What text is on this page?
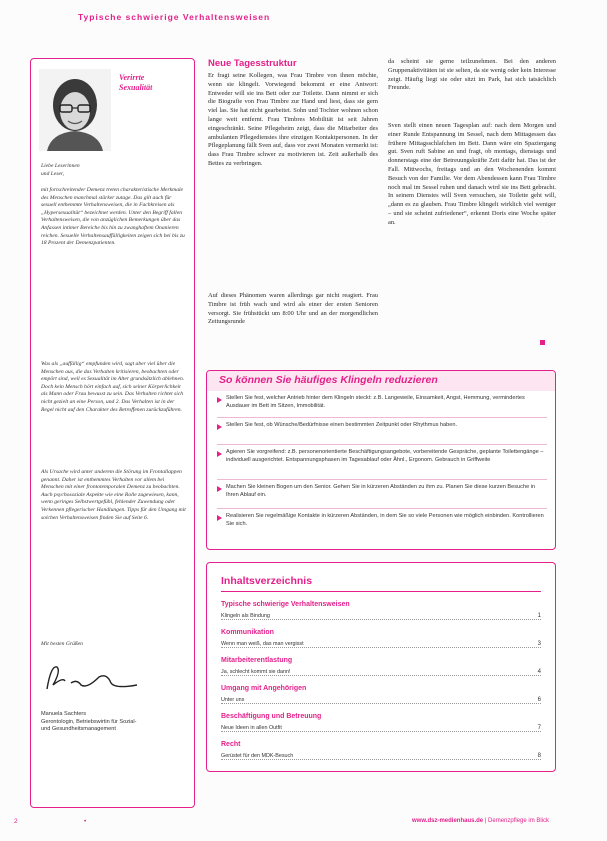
Typische schwierige Verhaltensweisen
Verirrte
Sexualität
Liebe Leserinnen
und Leser,
mit fortschreitender Demenz treten charakteristische Merkmale des Menschen manchmal stärker zutage. Das gilt auch für sexuell enthemmte Verhaltensweisen, die in Fachkreisen als „Hypersexualität“ bezeichnet werden. Unter den Begriff fallen Verhaltensweisen, die von anzüglichen Bemerkungen über das Anfassen intimer Bereiche bis hin zu zwanghaftem Onanieren reichen. Sexuelle Verhaltensauffälligkeiten zeigen sich bei bis zu 18 Prozent der Demenzpatienten.
Was als „auffällig“ empfunden wird, sagt aber viel über die Menschen aus, die das Verhalten kritisieren, beobachten oder empört sind, weil es Sexualität im Alter grundsätzlich ablehnen. Doch kein Mensch hört einfach auf, sich seiner Körperlichkeit als Mann oder Frau bewusst zu sein. Das Verhalten richtet sich nicht gezielt an eine Person, und 2. Das Verhalten ist in der Regel nicht auf den Charakter des Betroffenen zurückzuführen.
Als Ursache wird unter anderem die Störung im Frontallappen genannt. Daher ist enthemmtes Verhalten vor allem bei Menschen mit einer frontotemporalen Demenz zu beobachten. Auch psychosoziale Aspekte wie eine Rolle zugewiesen, kann, wenn geringes Selbstwertgefühl, fehlender Zuwendung oder Verkennen pflegerischer Handlungen. Tipps für den Umgang mit solchen Verhaltensweisen finden Sie auf Seite 6.
Mit besten Grüßen
Manuela Sachters
Gerontologin, Betriebswirtin für Sozial-
und Gesundheitsmanagement
Neue Tagesstruktur
Er fragt seine Kollegen, was Frau Timbre von ihnen möchte, wenn sie klingelt. Vorwiegend bekommt er eine Antwort: Entweder will sie ins Bett oder zur Toilette. Dann nimmt er sich die Biografie von Frau Timbre zur Hand und liest, dass sie gern viel las. Sie hat nicht gearbeitet. Sohn und Tochter wohnen schon lange weit entfernt. Frau Timbres Mobilität ist seit Jahren eingeschränkt. Seine Pflegeheim zeigt, dass die Mitarbeiter des ambulanten Pflegedienstes ihre einzigen Kontaktpersonen. In der Pflegeplanung fällt Sven auf, dass vor zwei Monaten vermerkt ist: dass Frau Timbre schwer zu motivieren ist. Zeit außerhalb des Bettes zu verbringen.
Auf dieses Phänomen waren allerdings gar nicht reagiert. Frau Timbre ist früh wach und wird als einer der ersten Senioren versorgt. Sie frühstückt um 8:00 Uhr und an der morgendlichen Zeitungsrunde
da scheint sie gerne teilzunehmen. Bei den anderen Gruppenaktivitäten ist sie selten, da sie wenig oder kein Interesse zeigt. Häufig liegt sie oder sitzt im Park, hat sich tatsächlich Freunde.
Sven stellt einen neuen Tagesplan auf: nach dem Morgen und einer Runde Entspannung im Sessel, nach dem Mittagessen das frühere Mittagsschlafchen im Bett. Dann wäre ein Spaziergang gut. Sven ruft Sabine an und fragt, ob montags, dienstags und donnerstags eine der Betreuungskräfte Zeit dafür hat. Das ist der Fall. Mittwochs, freitags und an den Wochenenden kommt Besuch von der Familie. Vor dem Abendessen kann Frau Timbre noch mal im Sessel ruhen und danach wird sie ins Bett gebracht. In seinem Dienstes will Sven versuchen, sie Toilette geht will, „dann es zu glauben. Frau Timbre klingelt wirklich viel weniger – und sie scheint zufriedener“, erkennt Doris eine Woche später an.
So können Sie häufiges Klingeln reduzieren
Stellen Sie fest, welcher Antrieb hinter dem Klingeln steckt: z.B. Langeweile, Einsamkeit, Angst, Hemmung, vermindertes Ausdauer im Bett im Sitzen, Immobilität.
Stellen Sie fest, ob Wünsche/Bedürfnisse einen bestimmten Zeitpunkt oder Rhythmus haben.
Agieren Sie vorgreifend: z.B. personenorientierte Beschäftigungsangebote, vorbereitende Gespräche, geplante Toilettengänge – individuell ausgerichtet. Entspannungsphasen im Tagesablauf oder Ähnl., Ergonom. Gebrauch in Griffweite
Machen Sie kleinen Bogen um den Senior. Gehen Sie in kürzeren Abständen zu ihm zu. Planen Sie diese kurzen Besuche in Ihren Ablauf ein.
Realisieren Sie regelmäßige Kontakte in kürzeren Abständen, in dem Sie so viele Personen wie möglich einbinden. Kontrollieren Sie sich.
Inhaltsverzeichnis
Typische schwierige Verhaltensweisen
Klingeln als Bindung	1
Kommunikation
Wenn man weiß, das man vergisst	3
Mitarbeiterentlastung
Ja, schlecht kommt sie dann!	4
Umgang mit Angehörigen
Unter uns	6
Beschäftigung und Betreuung
Neue Ideen in allen Outfit	7
Recht
Gerüstet für den MDK-Besuch	8
2	•	www.dsz-medienhaus.de | Demenzpflege im Blick
